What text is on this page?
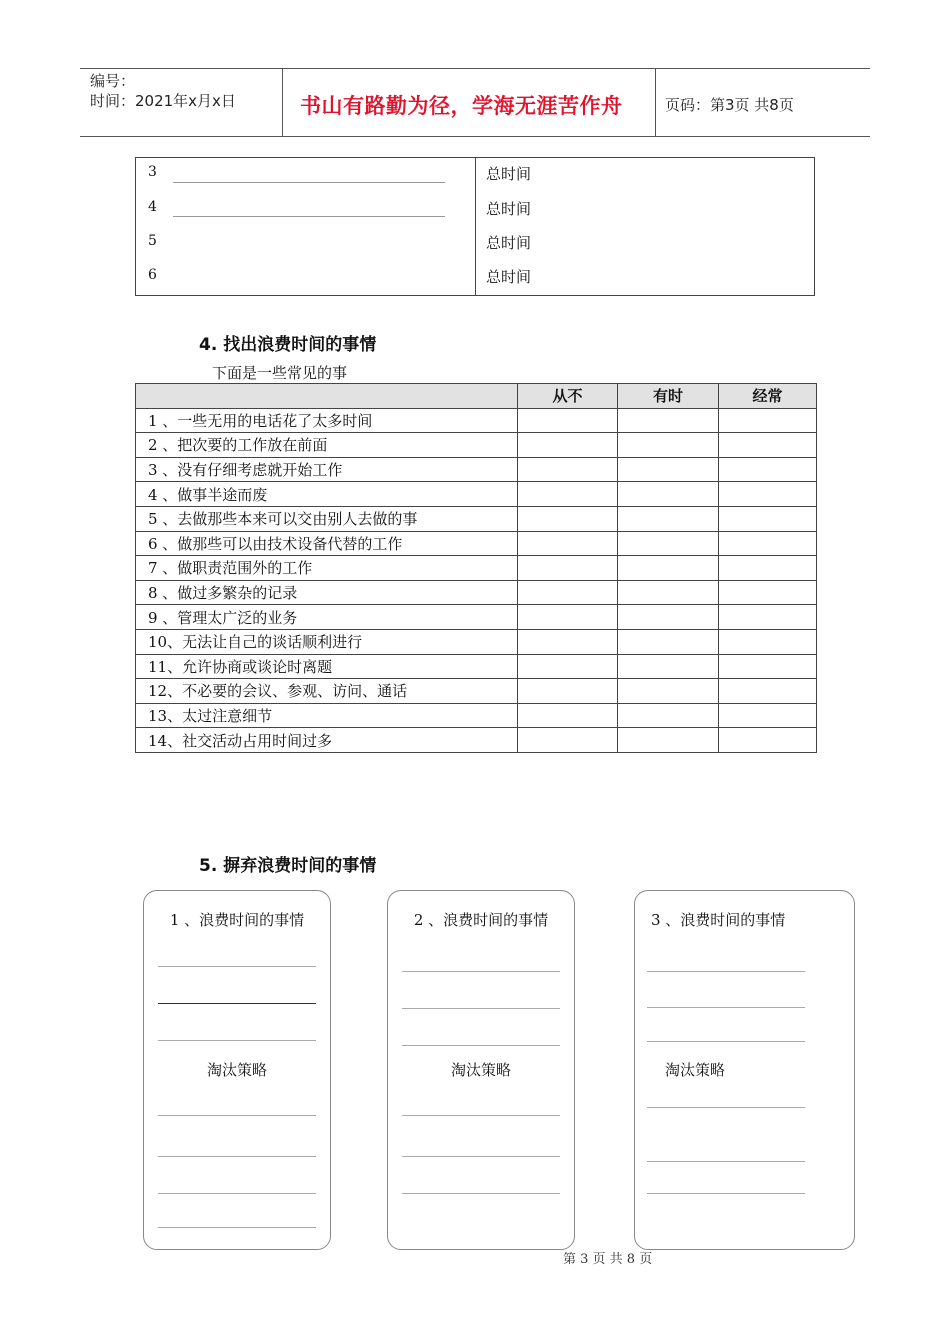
编号：
时间：2021年x月x日	书山有路勤为径，学海无涯苦作舟	页码：第3页 共8页
3	总时间
4	总时间
5	总时间
6	总时间
4. 找出浪费时间的事情
下面是一些常见的事
	从不	有时	经常
1 、一些无用的电话花了太多时间			
2 、把次要的工作放在前面			
3 、没有仔细考虑就开始工作			
4 、做事半途而废			
5 、去做那些本来可以交由别人去做的事			
6 、做那些可以由技术设备代替的工作			
7 、做职责范围外的工作			
8 、做过多繁杂的记录			
9 、管理太广泛的业务			
10、无法让自己的谈话顺利进行			
11、允许协商或谈论时离题			
12、不必要的会议、参观、访问、通话			
13、太过注意细节			
14、社交活动占用时间过多			
5. 摒弃浪费时间的事情
1 、浪费时间的事情
淘汰策略
2 、浪费时间的事情
淘汰策略
3 、浪费时间的事情
淘汰策略
第 3 页 共 8 页
